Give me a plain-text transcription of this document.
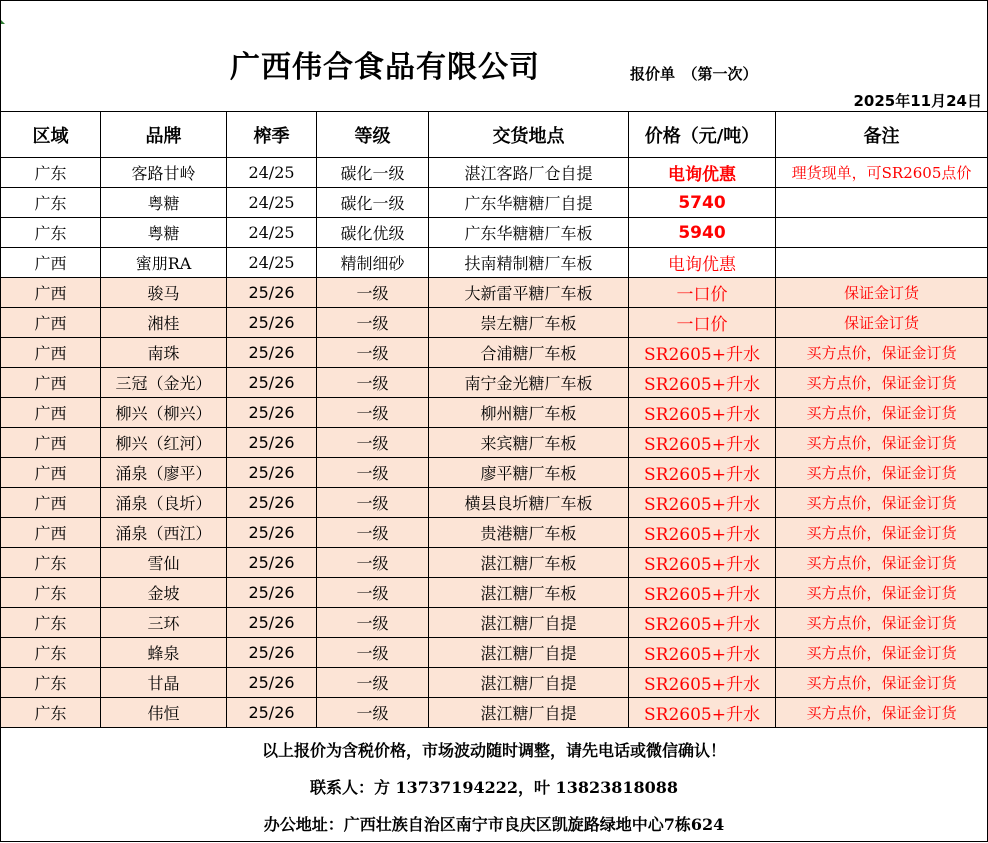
广西伟合食品有限公司	报价单　（第一次）
2025年11月24日
区域	品牌	榨季	等级	交货地点	价格（元/吨）	备注
广东	客路甘岭	24/25	碳化一级	湛江客路厂仓自提	电询优惠	理货现单，可SR2605点价
广东	粤糖	24/25	碳化一级	广东华糖糖厂自提	5740	
广东	粤糖	24/25	碳化优级	广东华糖糖厂车板	5940	
广西	蜜朋RA	24/25	精制细砂	扶南精制糖厂车板	电询优惠	
广西	骏马	25/26	一级	大新雷平糖厂车板	一口价	保证金订货
广西	湘桂	25/26	一级	崇左糖厂车板	一口价	保证金订货
广西	南珠	25/26	一级	合浦糖厂车板	SR2605+升水	买方点价，保证金订货
广西	三冠（金光）	25/26	一级	南宁金光糖厂车板	SR2605+升水	买方点价，保证金订货
广西	柳兴（柳兴）	25/26	一级	柳州糖厂车板	SR2605+升水	买方点价，保证金订货
广西	柳兴（红河）	25/26	一级	来宾糖厂车板	SR2605+升水	买方点价，保证金订货
广西	涌泉（廖平）	25/26	一级	廖平糖厂车板	SR2605+升水	买方点价，保证金订货
广西	涌泉（良圻）	25/26	一级	横县良圻糖厂车板	SR2605+升水	买方点价，保证金订货
广西	涌泉（西江）	25/26	一级	贵港糖厂车板	SR2605+升水	买方点价，保证金订货
广东	雪仙	25/26	一级	湛江糖厂车板	SR2605+升水	买方点价，保证金订货
广东	金坡	25/26	一级	湛江糖厂车板	SR2605+升水	买方点价，保证金订货
广东	三环	25/26	一级	湛江糖厂自提	SR2605+升水	买方点价，保证金订货
广东	蜂泉	25/26	一级	湛江糖厂自提	SR2605+升水	买方点价，保证金订货
广东	甘晶	25/26	一级	湛江糖厂自提	SR2605+升水	买方点价，保证金订货
广东	伟恒	25/26	一级	湛江糖厂自提	SR2605+升水	买方点价，保证金订货
以上报价为含税价格，市场波动随时调整，请先电话或微信确认！
联系人：方 13737194222，叶 13823818088
办公地址：广西壮族自治区南宁市良庆区凯旋路绿地中心7栋624
